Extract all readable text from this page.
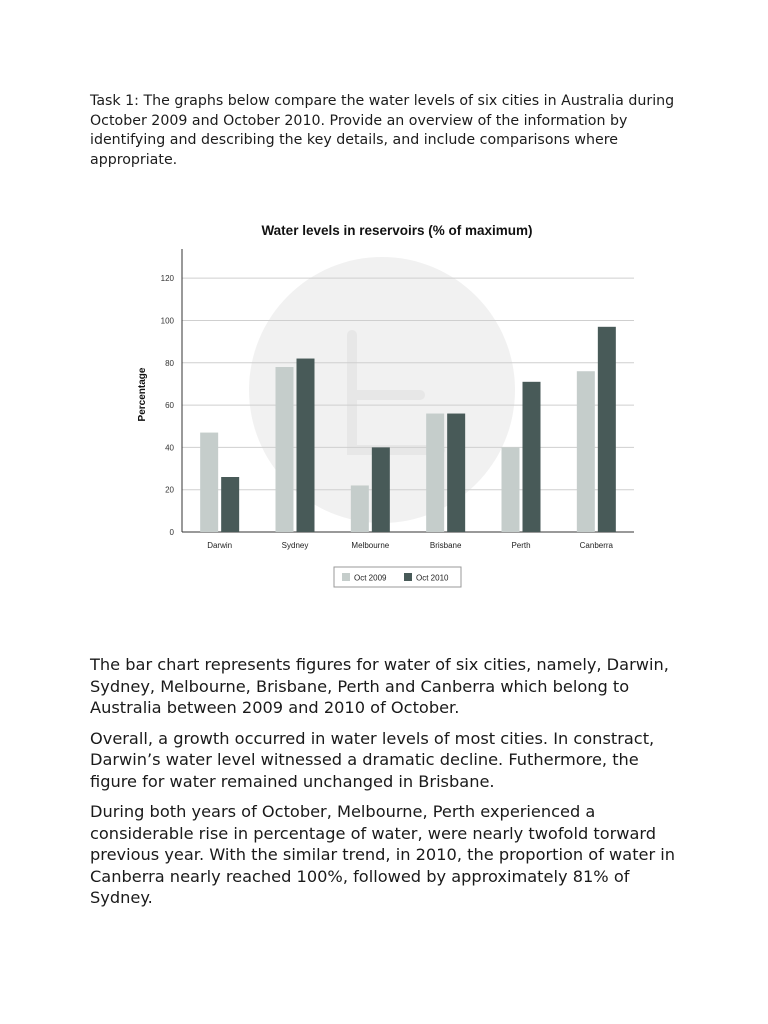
Task 1: The graphs below compare the water levels of six cities in Australia during October 2009 and October 2010. Provide an overview of the information by identifying and describing the key details, and include comparisons where appropriate.
Water levels in reservoirs (% of maximum)
0
20
40
60
80
100
120
Percentage
Darwin	Sydney	Melbourne	Brisbane	Perth	Canberra
Oct 2009	Oct 2010

The bar chart represents figures for water of six cities, namely, Darwin, Sydney, Melbourne, Brisbane, Perth and Canberra which belong to Australia between 2009 and 2010 of October.

Overall, a growth occurred in water levels of most cities. In constract, Darwin’s water level witnessed a dramatic decline. Futhermore, the figure for water remained unchanged in Brisbane.

During both years of October, Melbourne, Perth experienced a considerable rise in percentage of water, were nearly twofold torward previous year. With the similar trend, in 2010, the proportion of water in Canberra nearly reached 100%, followed by approximately 81% of Sydney.
